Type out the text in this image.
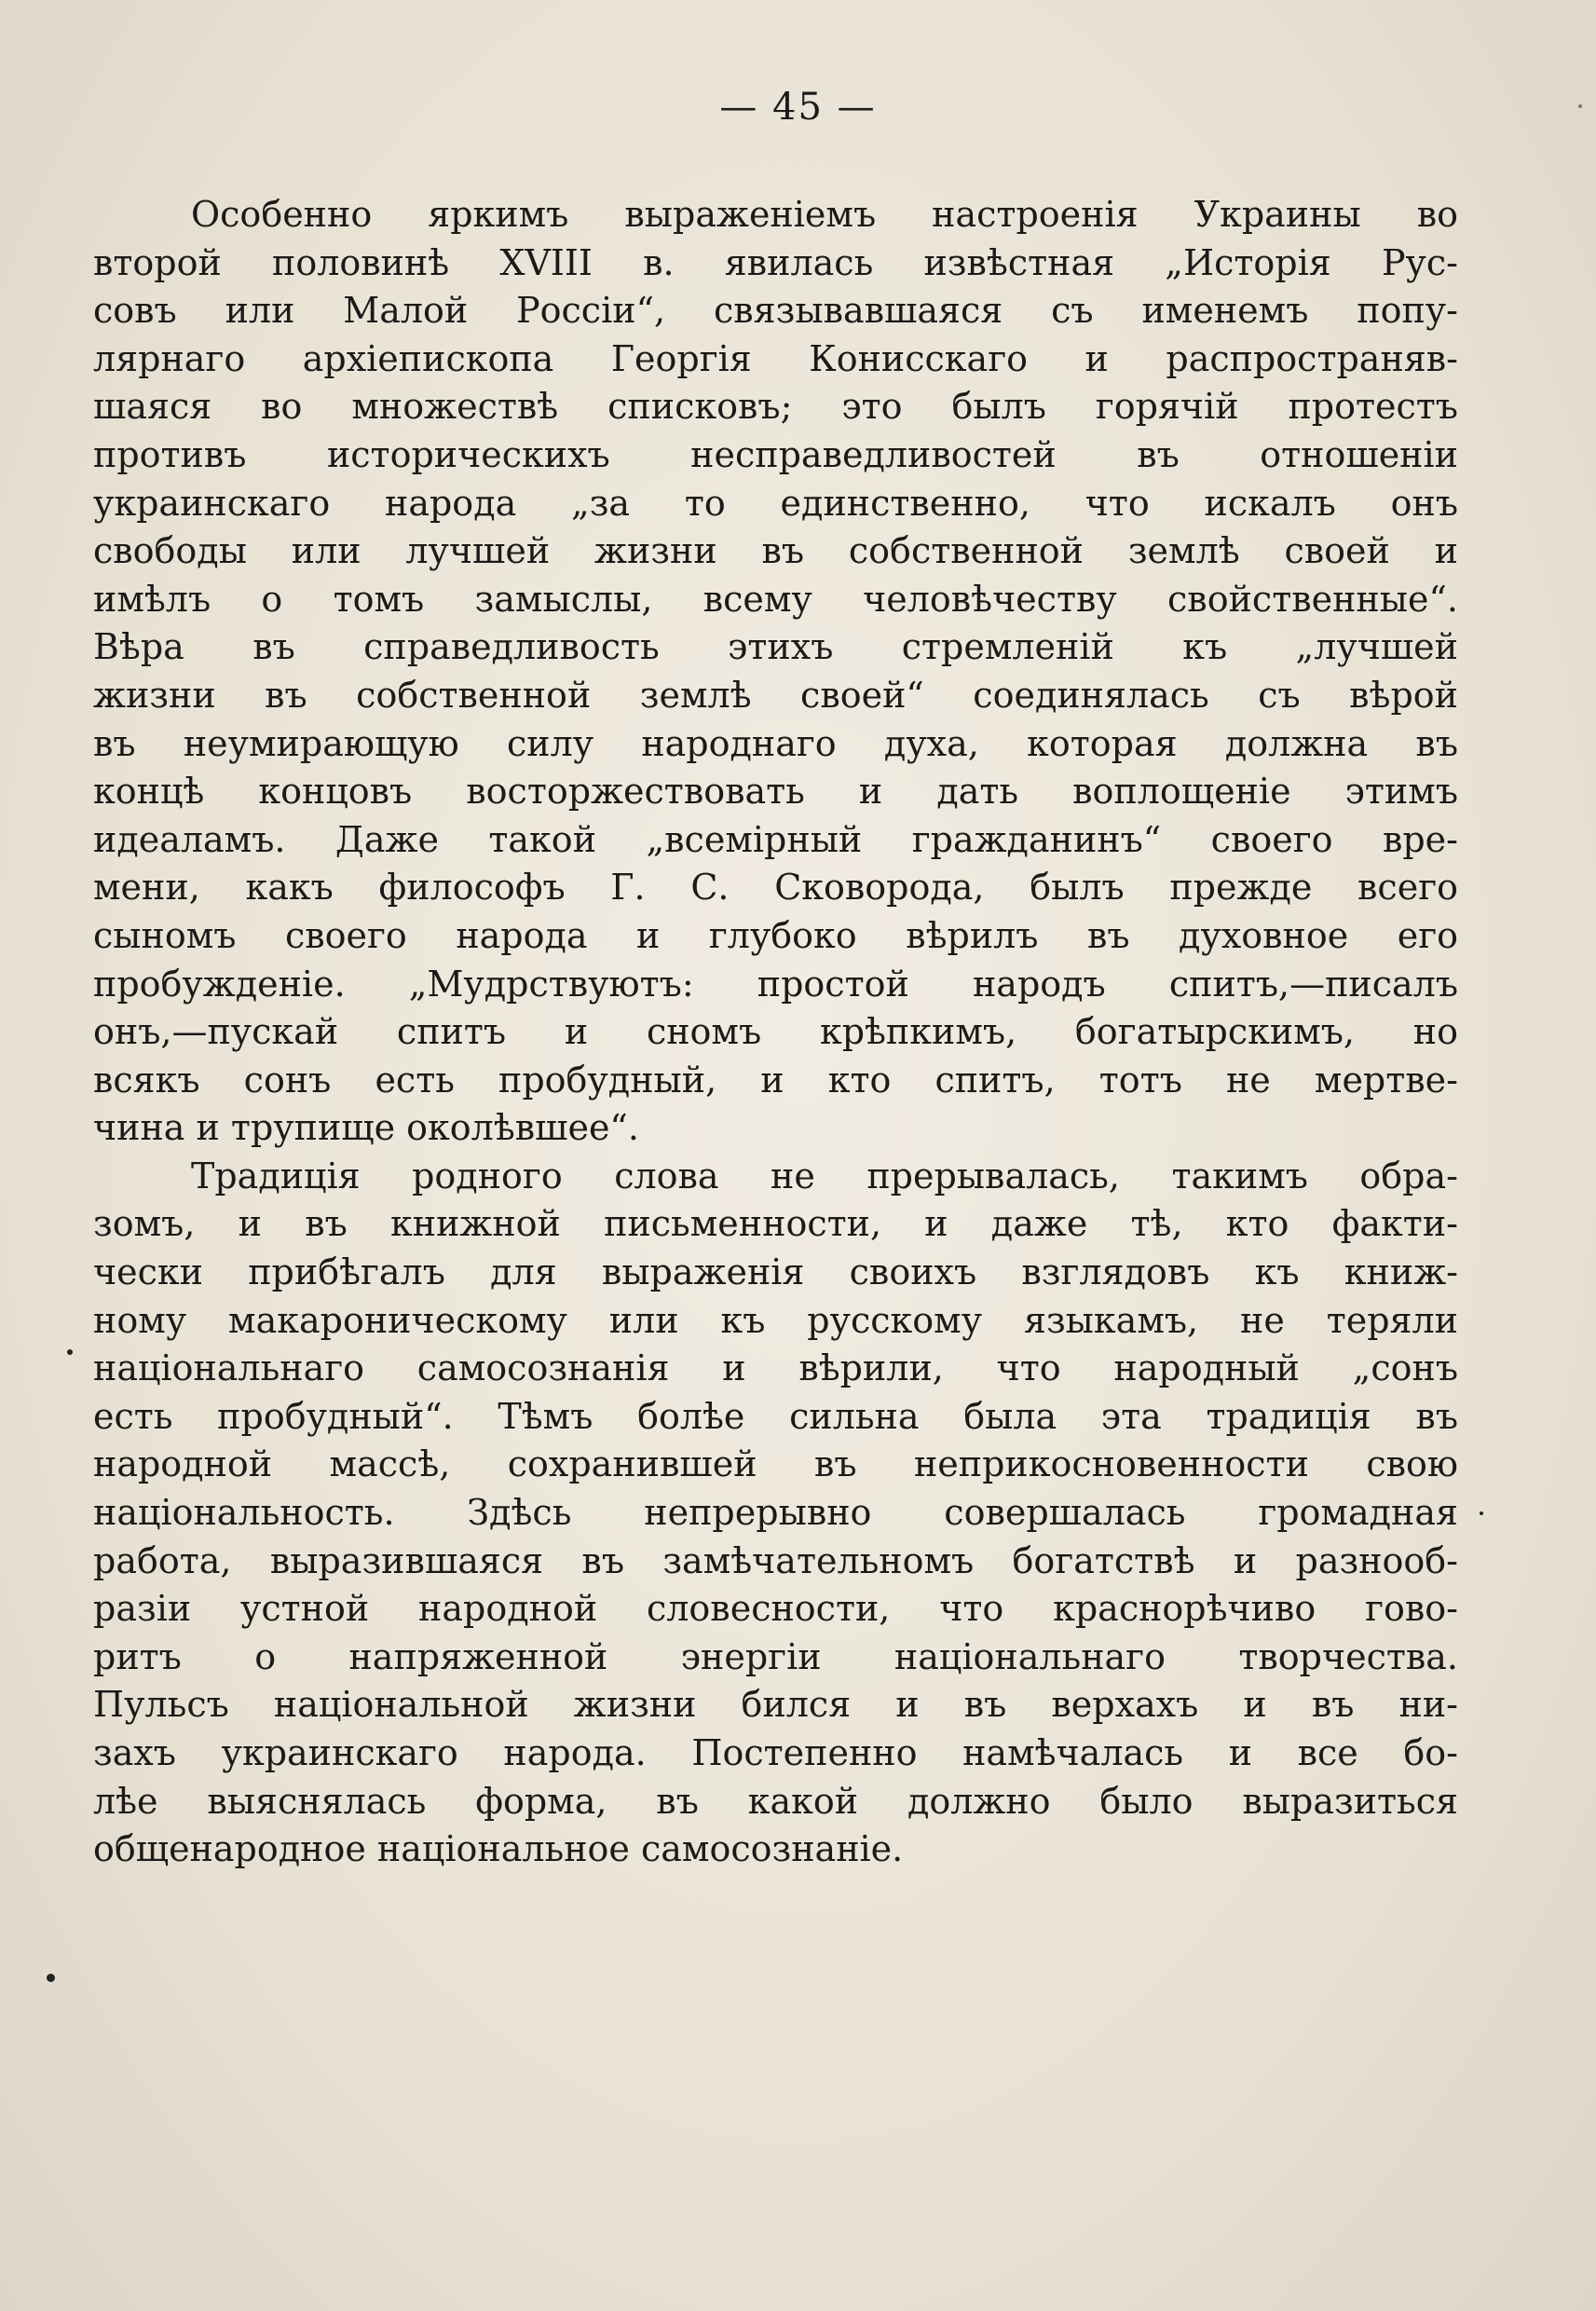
— 45 —
Особенно яркимъ выраженiемъ настроенiя Украины во
второй половинѣ XVIII в. явилась извѣстная „Исторiя Рус-
совъ или Малой Россiи“, связывавшаяся съ именемъ попу-
лярнаго архiепископа Георгiя Конисскаго и распространяв-
шаяся во множествѣ списковъ; это былъ горячiй протестъ
противъ историческихъ несправедливостей въ отношенiи
украинскаго народа „за то единственно, что искалъ онъ
свободы или лучшей жизни въ собственной землѣ своей и
имѣлъ о томъ замыслы, всему человѣчеству свойственные“.
Вѣра въ справедливость этихъ стремленiй къ „лучшей
жизни въ собственной землѣ своей“ соединялась съ вѣрой
въ неумирающую силу народнаго духа, которая должна въ
концѣ концовъ восторжествовать и дать воплощенiе этимъ
идеаламъ. Даже такой „всемiрный гражданинъ“ своего вре-
мени, какъ философъ Г. С. Сковорода, былъ прежде всего
сыномъ своего народа и глубоко вѣрилъ въ духовное его
пробужденiе. „Мудрствуютъ: простой народъ спитъ,—писалъ
онъ,—пускай спитъ и сномъ крѣпкимъ, богатырскимъ, но
всякъ сонъ есть пробудный, и кто спитъ, тотъ не мертве-
чина и трупище околѣвшее“.
Традицiя родного слова не прерывалась, такимъ обра-
зомъ, и въ книжной письменности, и даже тѣ, кто факти-
чески прибѣгалъ для выраженiя своихъ взглядовъ къ книж-
ному макароническому или къ русскому языкамъ, не теряли
нацiональнаго самосознанiя и вѣрили, что народный „сонъ
есть пробудный“. Тѣмъ болѣе сильна была эта традицiя въ
народной массѣ, сохранившей въ неприкосновенности свою
нацiональность. Здѣсь непрерывно совершалась громадная
работа, выразившаяся въ замѣчательномъ богатствѣ и разнооб-
разiи устной народной словесности, что краснорѣчиво гово-
ритъ о напряженной энергiи нацiональнаго творчества.
Пульсъ нацiональной жизни бился и въ верхахъ и въ ни-
захъ украинскаго народа. Постепенно намѣчалась и все бо-
лѣе выяснялась форма, въ какой должно было выразиться
общенародное нацiональное самосознанiе.
